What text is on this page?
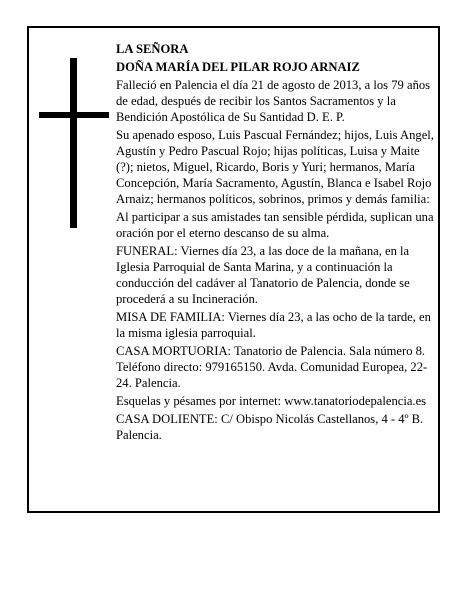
LA SEÑORA

DOÑA MARÍA DEL PILAR ROJO ARNAIZ

Falleció en Palencia el día 21 de agosto de 2013, a los 79 años de edad, después de recibir los Santos Sacramentos y la Bendición Apostólica de Su Santidad D. E. P.

Su apenado esposo, Luis Pascual Fernández; hijos, Luis Angel, Agustín y Pedro Pascual Rojo; hijas políticas, Luisa y Maite (?); nietos, Miguel, Ricardo, Boris y Yuri; hermanos, María Concepción, María Sacramento, Agustín, Blanca e Isabel Rojo Arnaiz; hermanos políticos, sobrinos, primos y demás familia:

Al participar a sus amistades tan sensible pérdida, suplican una oración por el eterno descanso de su alma.

FUNERAL: Viernes día 23, a las doce de la mañana, en la Iglesia Parroquial de Santa Marina, y a continuación la conducción del cadáver al Tanatorio de Palencia, donde se procederá a su Incineración.

MISA DE FAMILIA: Viernes día 23, a las ocho de la tarde, en la misma iglesia parroquial.

CASA MORTUORIA: Tanatorio de Palencia. Sala número 8. Teléfono directo: 979165150. Avda. Comunidad Europea, 22-24. Palencia.

Esquelas y pésames por internet: www.tanatoriodepalencia.es

CASA DOLIENTE: C/ Obispo Nicolás Castellanos, 4 - 4º B. Palencia.
